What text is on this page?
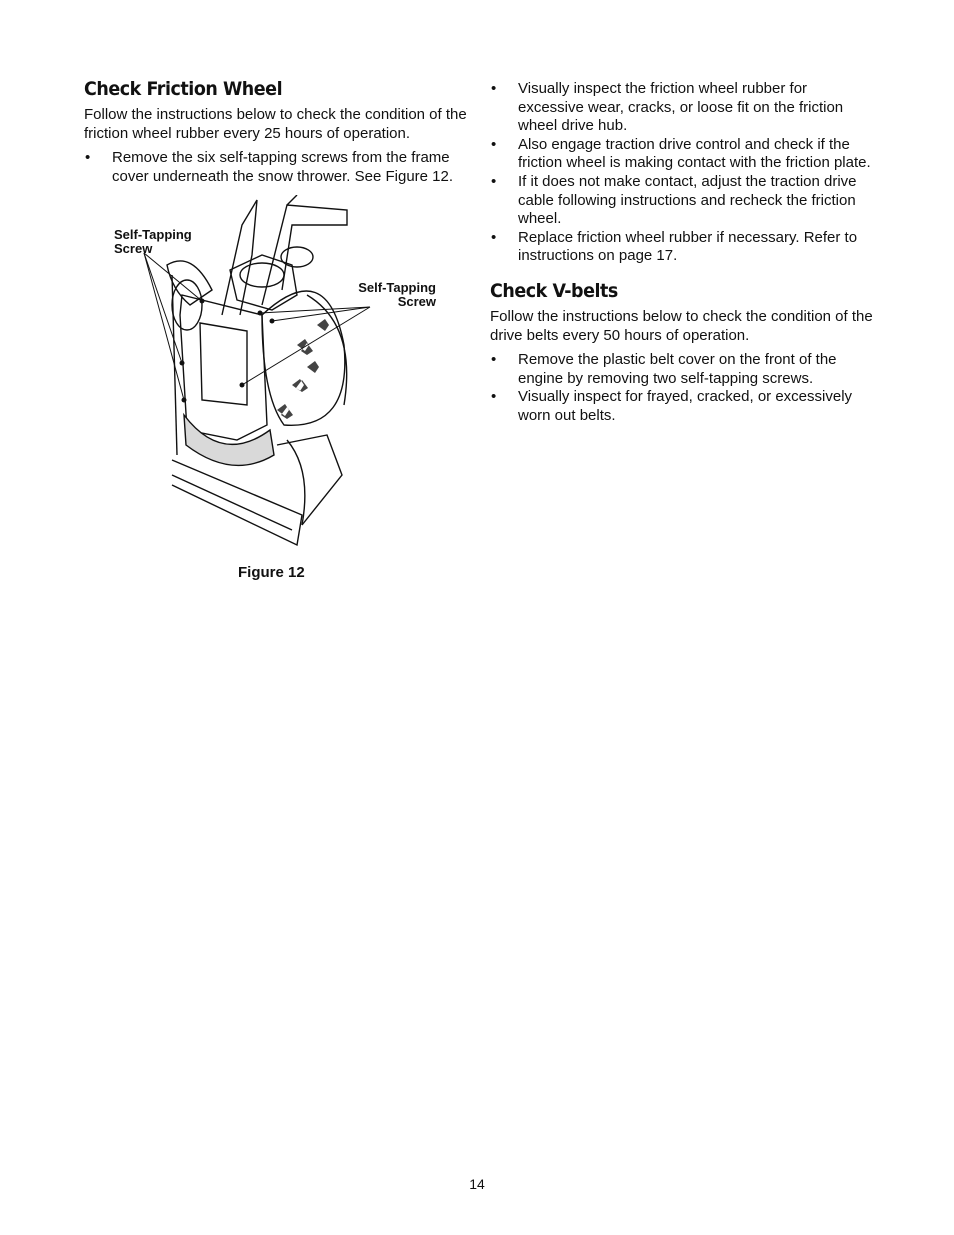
Check Friction Wheel

Follow the instructions below to check the condition of the friction wheel rubber every 25 hours of operation.

• Remove the six self-tapping screws from the frame cover underneath the snow thrower. See Figure 12.
Self-Tapping
Screw
Self-Tapping
Screw
Figure 12
• Visually inspect the friction wheel rubber for excessive wear, cracks, or loose fit on the friction wheel drive hub.
• Also engage traction drive control and check if the friction wheel is making contact with the friction plate.
• If it does not make contact, adjust the traction drive cable following instructions and recheck the friction wheel.
• Replace friction wheel rubber if necessary. Refer to instructions on page 17.
Check V-belts

Follow the instructions below to check the condition of the drive belts every 50 hours of operation.

• Remove the plastic belt cover on the front of the engine by removing two self-tapping screws.
• Visually inspect for frayed, cracked, or excessively worn out belts.
14
